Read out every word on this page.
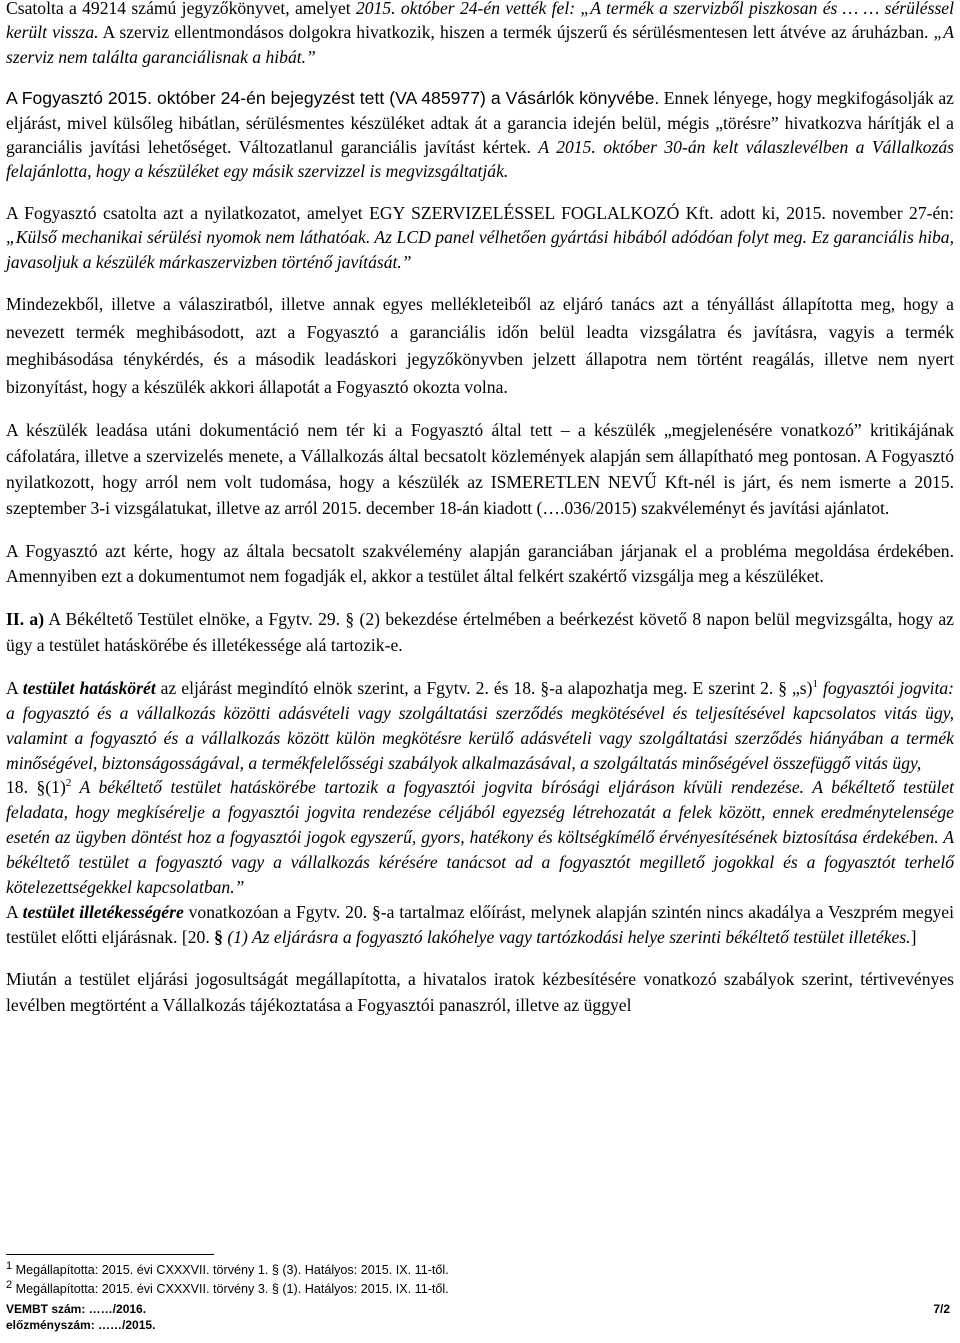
Csatolta a 49214 számú jegyzőkönyvet, amelyet 2015. október 24-én vették fel: „A termék a szervizből piszkosan és … … sérüléssel került vissza. A szerviz ellentmondásos dolgokra hivatkozik, hiszen a termék újszerű és sérülésmentesen lett átvéve az áruházban. „A szerviz nem találta garanciálisnak a hibát.”

A Fogyasztó 2015. október 24-én bejegyzést tett (VA 485977) a Vásárlók könyvébe. Ennek lényege, hogy megkifogásolják az eljárást, mivel külsőleg hibátlan, sérülésmentes készüléket adtak át a garancia idején belül, mégis „törésre” hivatkozva hárítják el a garanciális javítási lehetőséget. Változatlanul garanciális javítást kértek. A 2015. október 30-án kelt válaszlevélben a Vállalkozás felajánlotta, hogy a készüléket egy másik szervizzel is megvizsgáltatják.

A Fogyasztó csatolta azt a nyilatkozatot, amelyet EGY SZERVIZELÉSSEL FOGLALKOZÓ Kft. adott ki, 2015. november 27-én: „Külső mechanikai sérülési nyomok nem láthatóak. Az LCD panel vélhetően gyártási hibából adódóan folyt meg. Ez garanciális hiba, javasoljuk a készülék márkaszervizben történő javítását.”

Mindezekből, illetve a válasziratból, illetve annak egyes mellékleteiből az eljáró tanács azt a tényállást állapította meg, hogy a nevezett termék meghibásodott, azt a Fogyasztó a garanciális időn belül leadta vizsgálatra és javításra, vagyis a termék meghibásodása ténykérdés, és a második leadáskori jegyzőkönyvben jelzett állapotra nem történt reagálás, illetve nem nyert bizonyítást, hogy a készülék akkori állapotát a Fogyasztó okozta volna.

A készülék leadása utáni dokumentáció nem tér ki a Fogyasztó által tett – a készülék „megjelenésére vonatkozó” kritikájának cáfolatára, illetve a szervizelés menete, a Vállalkozás által becsatolt közlemények alapján sem állapítható meg pontosan. A Fogyasztó nyilatkozott, hogy arról nem volt tudomása, hogy a készülék az ISMERETLEN NEVŰ Kft-nél is járt, és nem ismerte a 2015. szeptember 3-i vizsgálatukat, illetve az arról 2015. december 18-án kiadott (….036/2015) szakvéleményt és javítási ajánlatot.

A Fogyasztó azt kérte, hogy az általa becsatolt szakvélemény alapján garanciában járjanak el a probléma megoldása érdekében. Amennyiben ezt a dokumentumot nem fogadják el, akkor a testület által felkért szakértő vizsgálja meg a készüléket.

II. a) A Békéltető Testület elnöke, a Fgytv. 29. § (2) bekezdése értelmében a beérkezést követő 8 napon belül megvizsgálta, hogy az ügy a testület hatáskörébe és illetékessége alá tartozik-e.

A testület hatáskörét az eljárást megindító elnök szerint, a Fgytv. 2. és 18. §-a alapozhatja meg. E szerint 2. § „s)$^1$ fogyasztói jogvita: a fogyasztó és a vállalkozás közötti adásvételi vagy szolgáltatási szerződés megkötésével és teljesítésével kapcsolatos vitás ügy, valamint a fogyasztó és a vállalkozás között külön megkötésre kerülő adásvételi vagy szolgáltatási szerződés hiányában a termék minőségével, biztonságosságával, a termékfelelősségi szabályok alkalmazásával, a szolgáltatás minőségével összefüggő vitás ügy,
18. $\S(1)^2$ A békéltető testület hatáskörébe tartozik a fogyasztói jogvita bírósági eljáráson kívüli rendezése. A békéltető testület feladata, hogy megkísérelje a fogyasztói jogvita rendezése céljából egyezség létrehozatát a felek között, ennek eredménytelensége esetén az ügyben döntést hoz a fogyasztói jogok egyszerű, gyors, hatékony és költségkímélő érvényesítésének biztosítása érdekében. A békéltető testület a fogyasztó vagy a vállalkozás kérésére tanácsot ad a fogyasztót megillető jogokkal és a fogyasztót terhelő kötelezettségekkel kapcsolatban.”
A testület illetékességére vonatkozóan a Fgytv. 20. §-a tartalmaz előírást, melynek alapján szintén nincs akadálya a Veszprém megyei testület előtti eljárásnak. [20. § (1) Az eljárásra a fogyasztó lakóhelye vagy tartózkodási helye szerinti békéltető testület illetékes.]

Miután a testület eljárási jogosultságát megállapította, a hivatalos iratok kézbesítésére vonatkozó szabályok szerint, tértivevényes levélben megtörtént a Vállalkozás tájékoztatása a Fogyasztói panaszról, illetve az üggyel

$^1$ Megállapította: 2015. évi CXXXVII. törvény 1. § (3). Hatályos: 2015. IX. 11-től.
$^2$ Megállapította: 2015. évi CXXXVII. törvény 3. § (1). Hatályos: 2015. IX. 11-től.
VEMBT szám: ……/2016.
előzményszám: ……/2015.
7/2
